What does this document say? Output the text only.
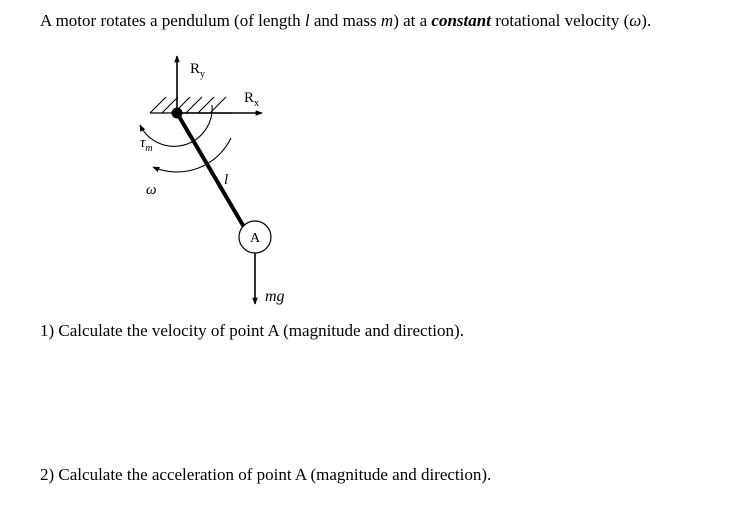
A motor rotates a pendulum (of length l and mass m) at a constant rotational velocity (ω).
$R_y$
$R_x$
$\tau_m$
ω
l
A
mg
1) Calculate the velocity of point A (magnitude and direction).
2) Calculate the acceleration of point A (magnitude and direction).
